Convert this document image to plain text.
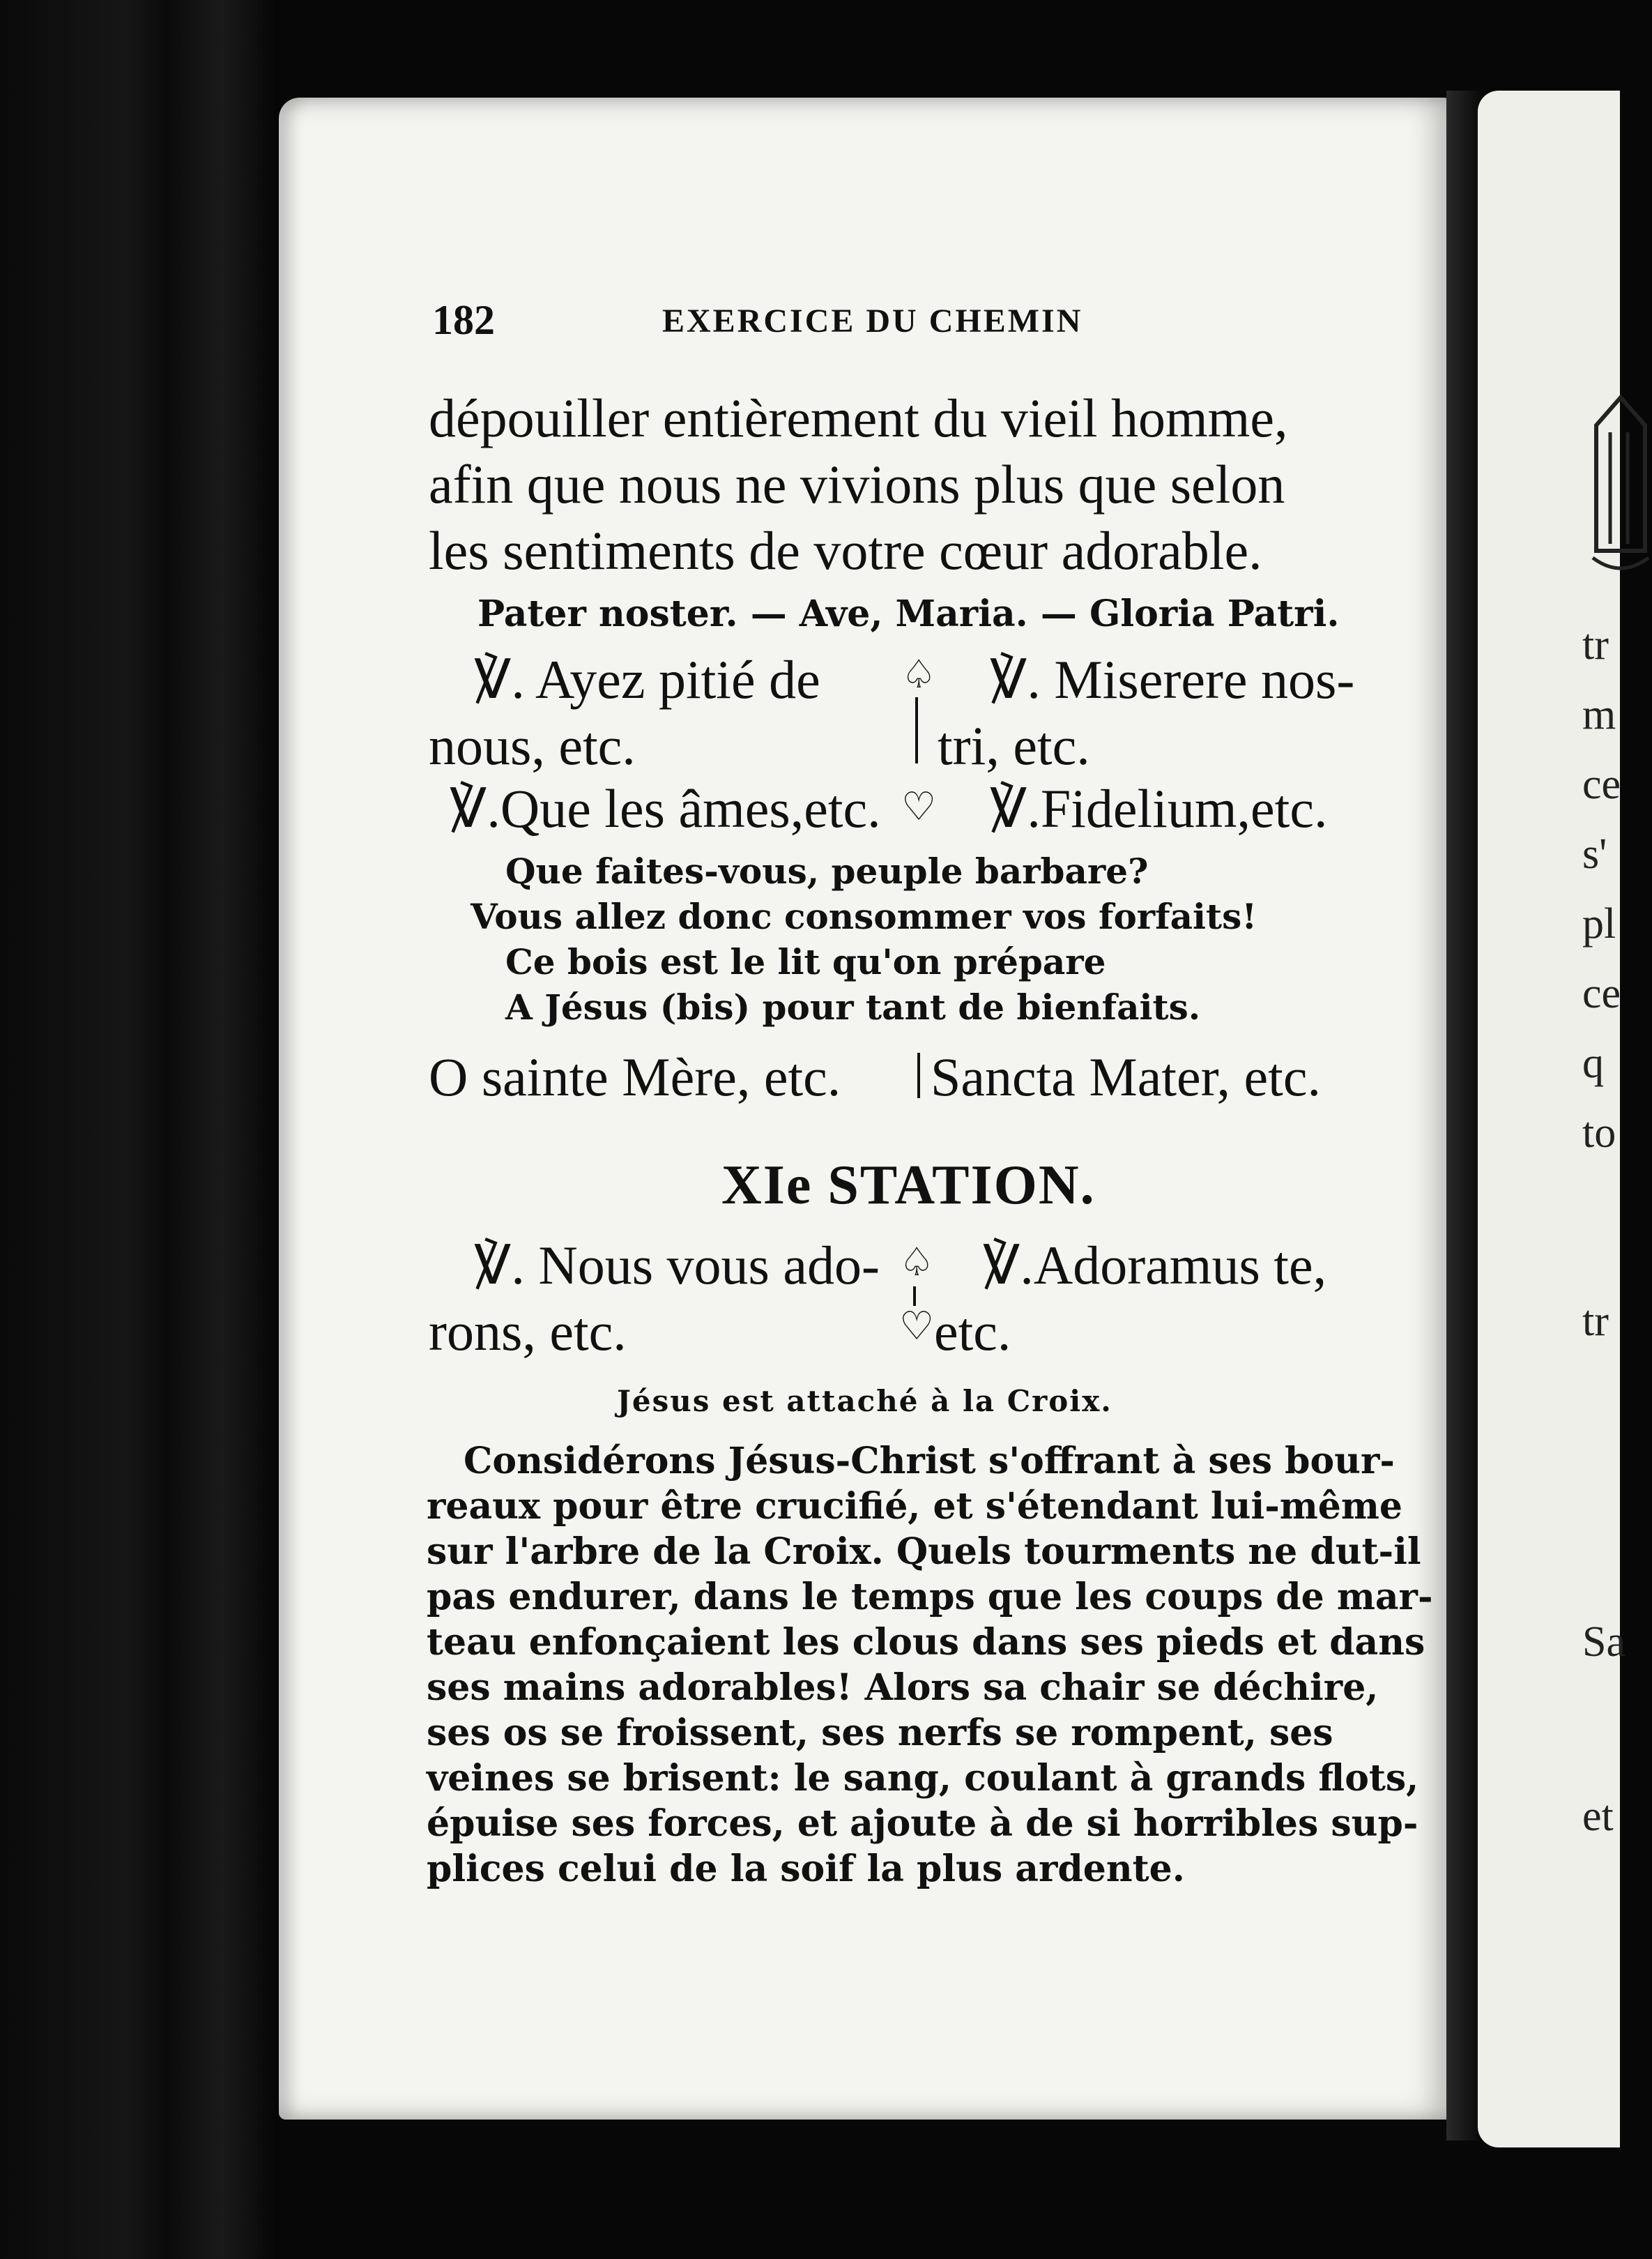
tr
m
ce
s'
pl
ce
q
to
tr
Sa
et
182	EXERCICE DU CHEMIN
dépouiller entièrement du vieil homme,
afin que nous ne vivions plus que selon
les sentiments de votre cœur adorable.
Pater noster. — Ave, Maria. — Gloria Patri.
℣. Ayez pitié de
nous, etc.
♤ ℣. Miserere nos-
tri, etc.
℣.Que les âmes,etc. ♡ ℣.Fidelium,etc.
Que faites-vous, peuple barbare?
Vous allez donc consommer vos forfaits!
Ce bois est le lit qu'on prépare
A Jésus (bis) pour tant de bienfaits.
O sainte Mère, etc. Sancta Mater, etc.
XIe STATION.
℣. Nous vous ado-
rons, etc.
♤
♡
℣.Adoramus te,
etc.
Jésus est attaché à la Croix.
Considérons Jésus-Christ s'offrant à ses bour-
reaux pour être crucifié, et s'étendant lui-même
sur l'arbre de la Croix. Quels tourments ne dut-il
pas endurer, dans le temps que les coups de mar-
teau enfonçaient les clous dans ses pieds et dans
ses mains adorables! Alors sa chair se déchire,
ses os se froissent, ses nerfs se rompent, ses
veines se brisent: le sang, coulant à grands flots,
épuise ses forces, et ajoute à de si horribles sup-
plices celui de la soif la plus ardente.
